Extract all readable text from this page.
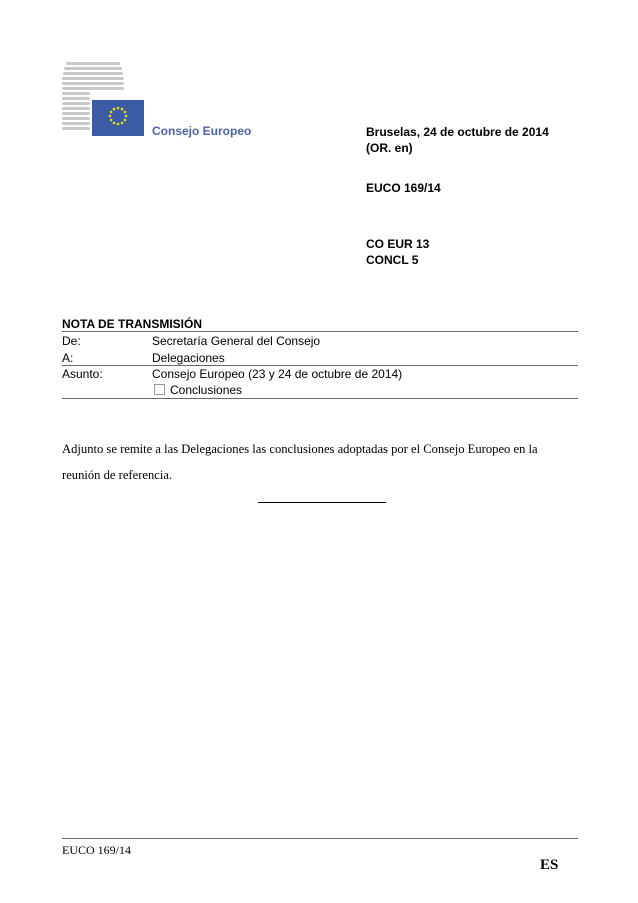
Consejo Europeo	Bruselas, 24 de octubre de 2014
(OR. en)
EUCO 169/14
CO EUR 13
CONCL 5
NOTA DE TRANSMISIÓN
De:	Secretaría General del Consejo
A:	Delegaciones
Asunto:	Consejo Europeo (23 y 24 de octubre de 2014)
Conclusiones
Adjunto se remite a las Delegaciones las conclusiones adoptadas por el Consejo Europeo en la reunión de referencia.
EUCO 169/14
ES
